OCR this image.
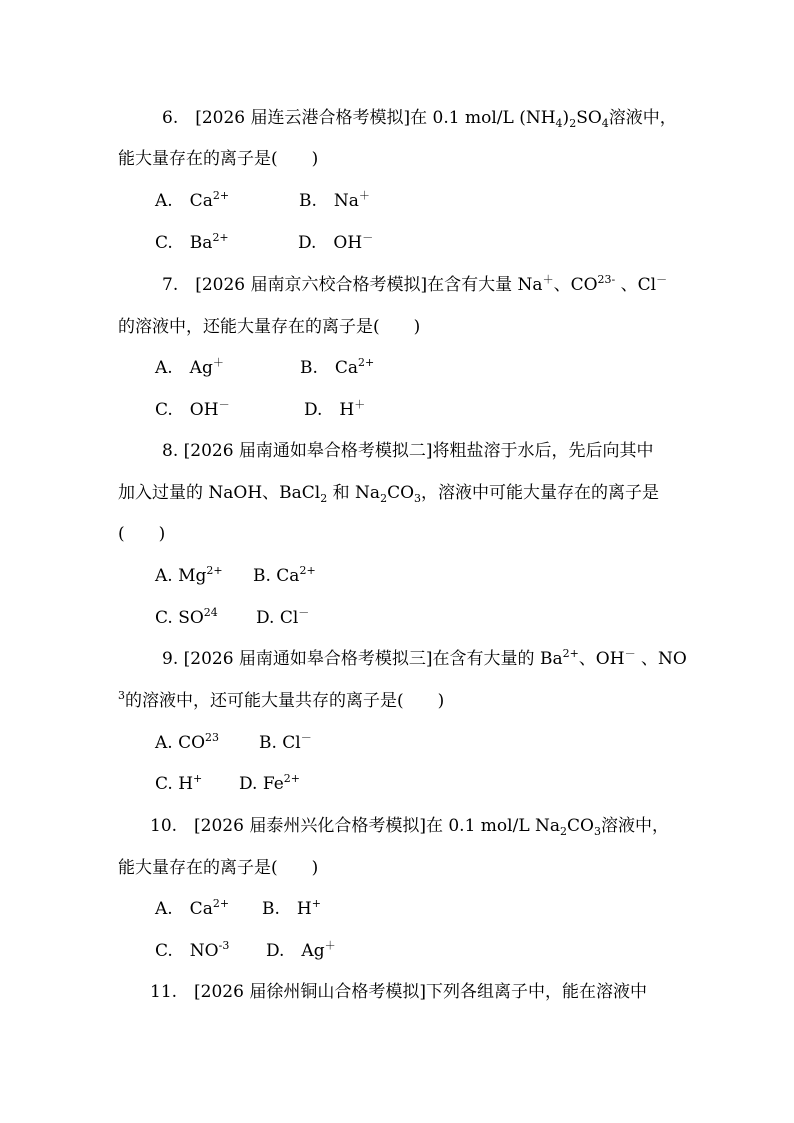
6.　[2026 届连云港合格考模拟]在 0.1 mol/L $(NH_4)_2SO_4$溶液中，
能大量存在的离子是(　　)
A.　$Ca^{2+}$	B.　Na＋
C.　$Ba^{2+}$	D.　OH－
7.　[2026 届南京六校合格考模拟]在含有大量 Na＋、$CO^{23-}$ 、Cl－
的溶液中，还能大量存在的离子是(　　)
A.　Ag＋	B.　$Ca^{2+}$
C.　OH－	D.　H＋
8. [2026 届南通如皋合格考模拟二]将粗盐溶于水后，先后向其中
加入过量的 NaOH、BaCl$_2$ 和 $Na_2CO_3$，溶液中可能大量存在的离子是
(　　)
A. $Mg^{2+}$ B. $Ca^{2+}$
C. SO$^{24}$ D. Cl－
9. [2026 届南通如皋合格考模拟三]在含有大量的 $Ba^{2+}$、OH－ 、NO
$^3$的溶液中，还可能大量共存的离子是(　　)
A. CO$^{23}$ B. Cl－
C. H+ D. $Fe^{2+}$
10.　[2026 届泰州兴化合格考模拟]在 0.1 mol/L $Na_2CO_3$溶液中，
能大量存在的离子是(　　)
A.　$Ca^{2+}$ B.　H+
C.　$NO^{-3}$ D.　Ag＋
11.　[2026 届徐州铜山合格考模拟]下列各组离子中，能在溶液中
